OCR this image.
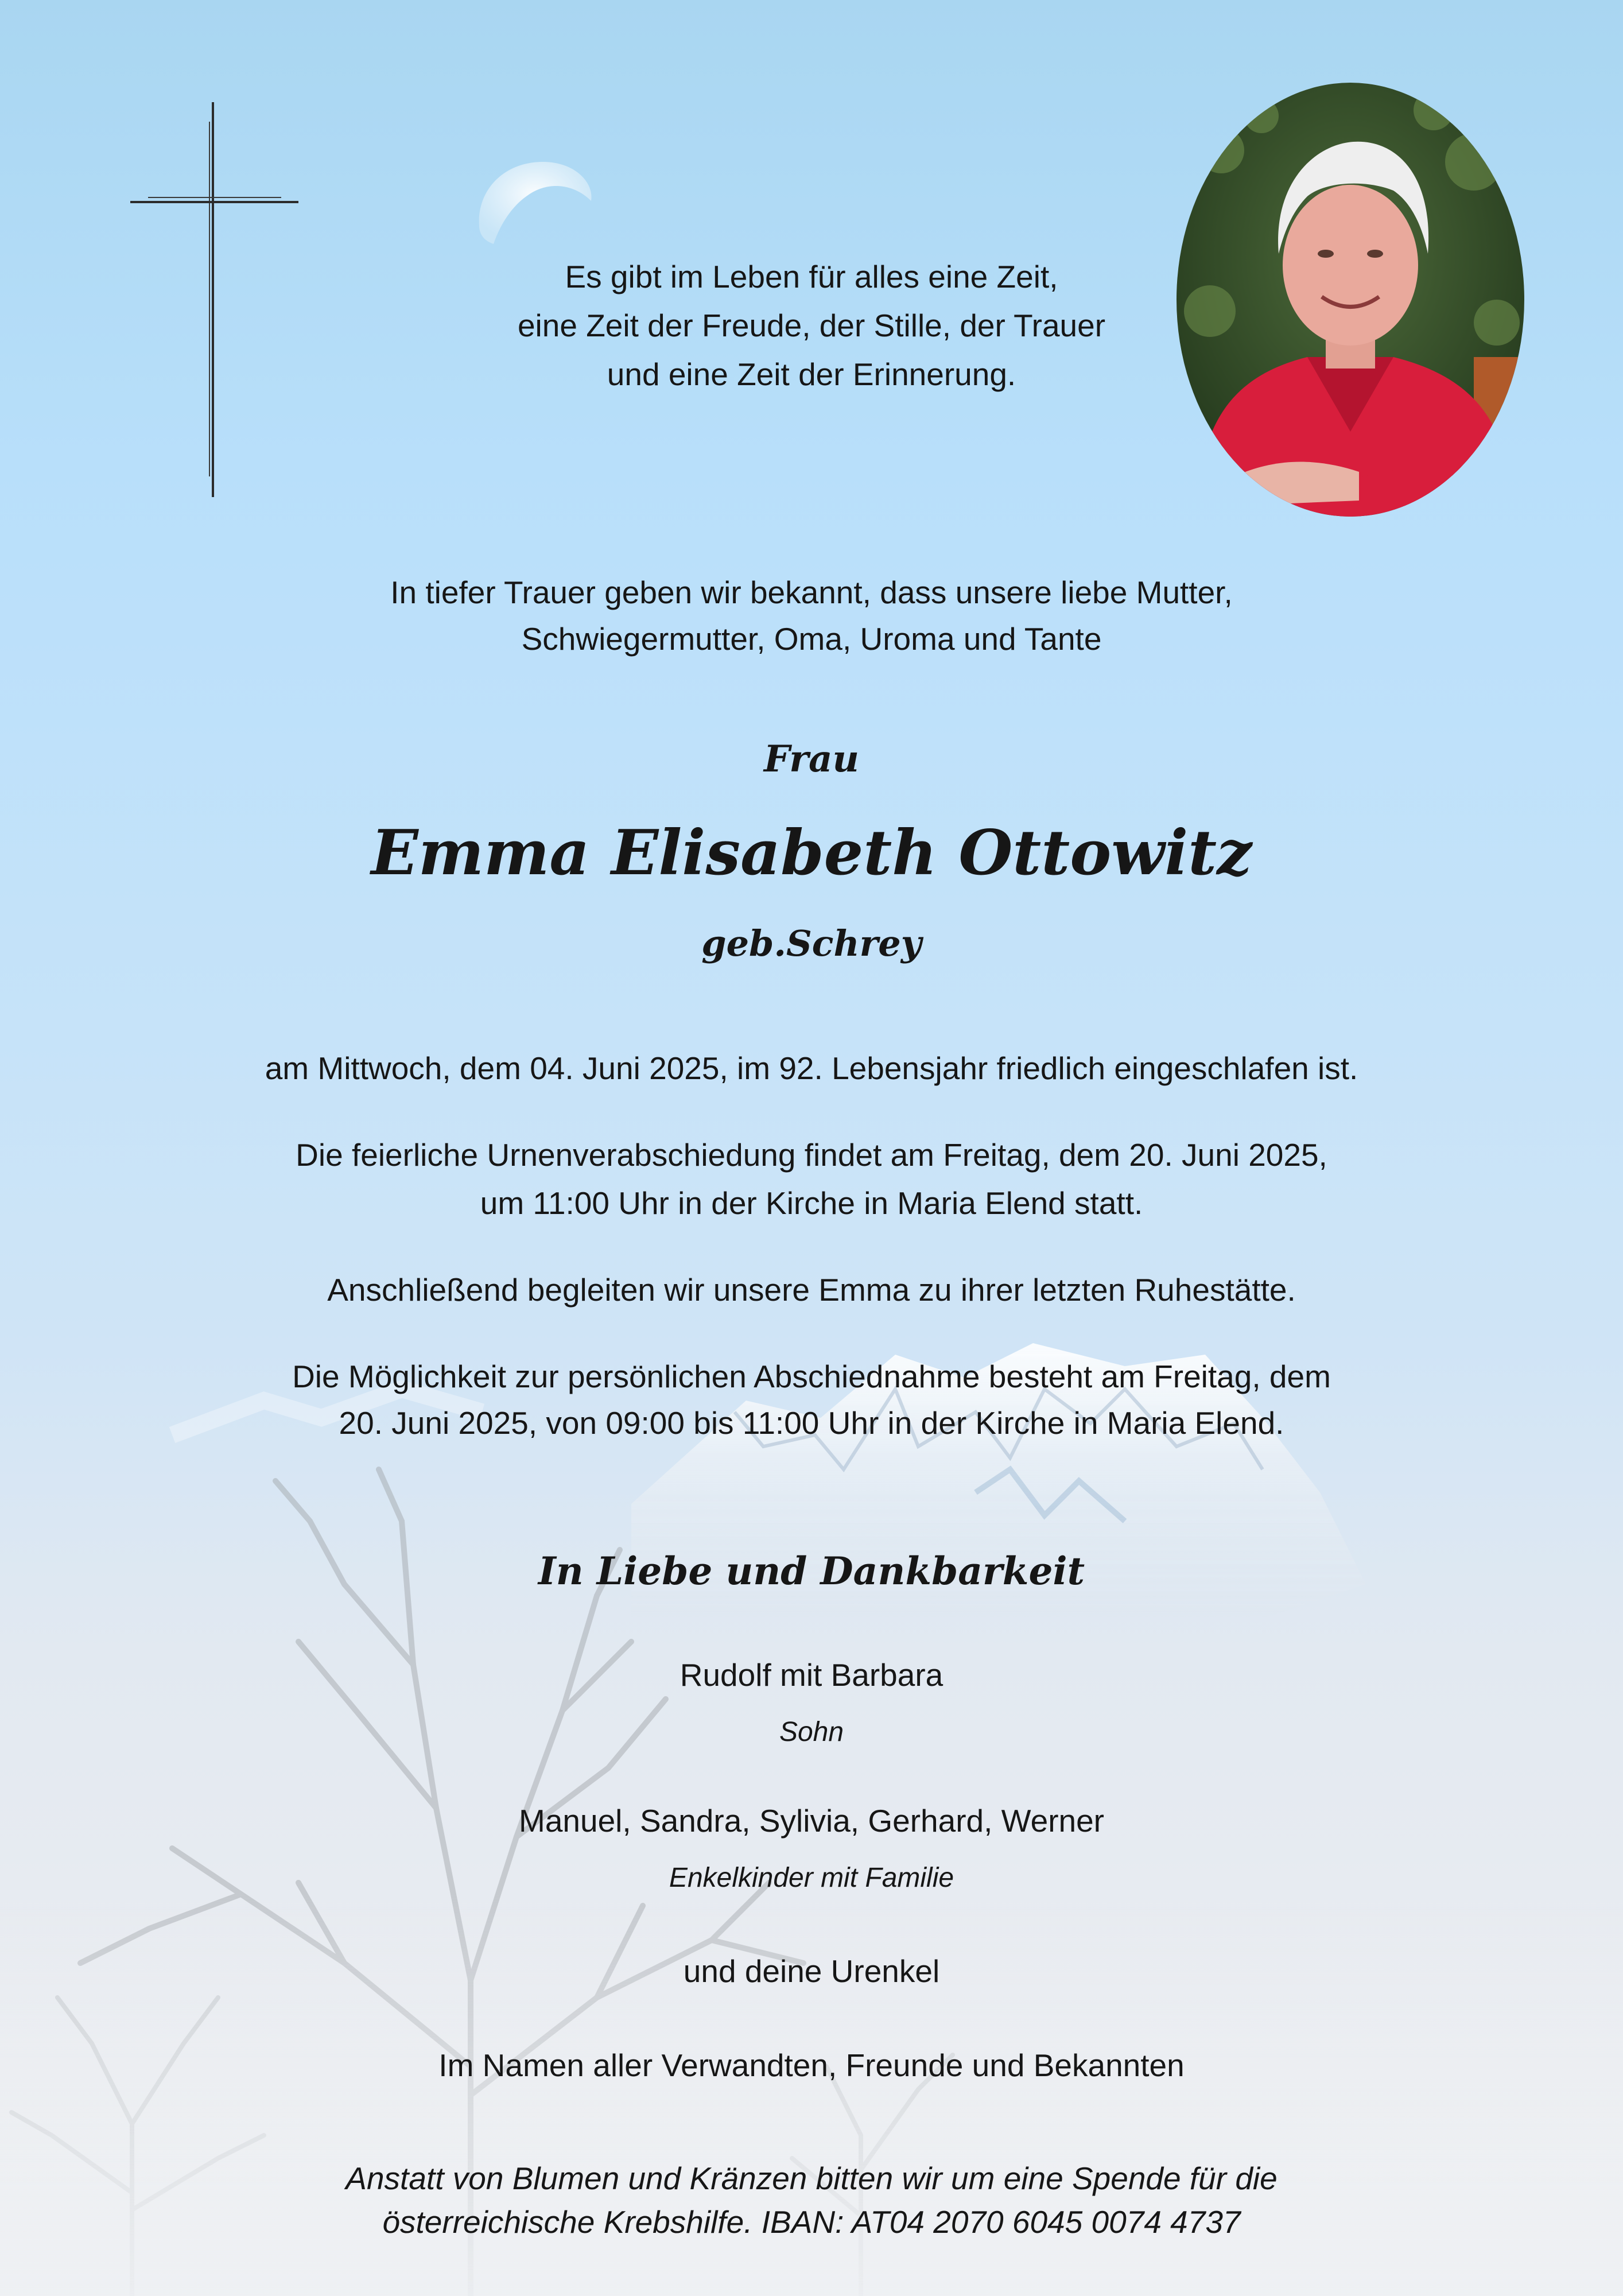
Es gibt im Leben für alles eine Zeit,

eine Zeit der Freude, der Stille, der Trauer

und eine Zeit der Erinnerung.

In tiefer Trauer geben wir bekannt, dass unsere liebe Mutter,

Schwiegermutter, Oma, Uroma und Tante

Frau

Emma Elisabeth Ottowitz

geb.Schrey

am Mittwoch, dem 04. Juni 2025, im 92. Lebensjahr friedlich eingeschlafen ist.

Die feierliche Urnenverabschiedung findet am Freitag, dem 20. Juni 2025,

um 11:00 Uhr in der Kirche in Maria Elend statt.

Anschließend begleiten wir unsere Emma zu ihrer letzten Ruhestätte.

Die Möglichkeit zur persönlichen Abschiednahme besteht am Freitag, dem

20. Juni 2025, von 09:00 bis 11:00 Uhr in der Kirche in Maria Elend.

In Liebe und Dankbarkeit

Rudolf mit Barbara

Sohn

Manuel, Sandra, Sylivia, Gerhard, Werner

Enkelkinder mit Familie

und deine Urenkel

Im Namen aller Verwandten, Freunde und Bekannten

Anstatt von Blumen und Kränzen bitten wir um eine Spende für die

österreichische Krebshilfe. IBAN: AT04 2070 6045 0074 4737
